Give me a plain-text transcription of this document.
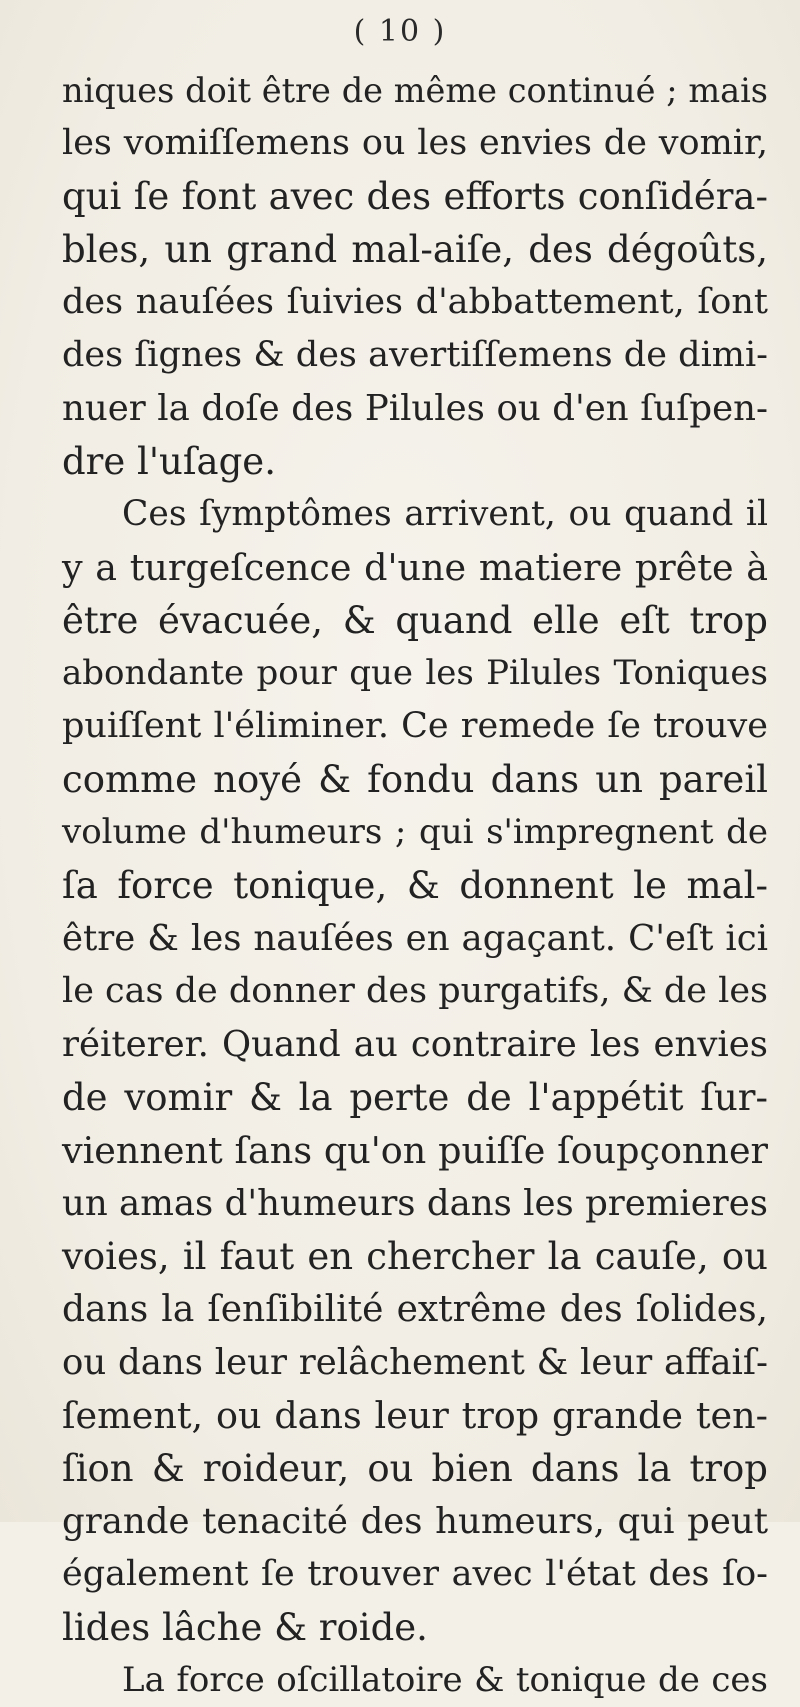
( 10 )
niques doit être de même continué ; mais
les vomiſſemens ou les envies de vomir,
qui ſe font avec des efforts conſidéra-
bles, un grand mal-aiſe, des dégoûts,
des nauſées ſuivies d'abbattement, ſont
des ſignes & des avertiſſemens de dimi-
nuer la doſe des Pilules ou d'en ſuſpen-
dre l'uſage.
Ces ſymptômes arrivent, ou quand il
y a turgeſcence d'une matiere prête à
être évacuée, & quand elle eſt trop
abondante pour que les Pilules Toniques
puiſſent l'éliminer. Ce remede ſe trouve
comme noyé & fondu dans un pareil
volume d'humeurs ; qui s'impregnent de
ſa force tonique, & donnent le mal-
être & les nauſées en agaçant. C'eſt ici
le cas de donner des purgatifs, & de les
réiterer. Quand au contraire les envies
de vomir & la perte de l'appétit ſur-
viennent ſans qu'on puiſſe ſoupçonner
un amas d'humeurs dans les premieres
voies, il faut en chercher la cauſe, ou
dans la ſenſibilité extrême des ſolides,
ou dans leur relâchement & leur affaiſ-
ſement, ou dans leur trop grande ten-
ſion & roideur, ou bien dans la trop
grande tenacité des humeurs, qui peut
également ſe trouver avec l'état des ſo-
lides lâche & roide.
La force oſcillatoire & tonique de ces
